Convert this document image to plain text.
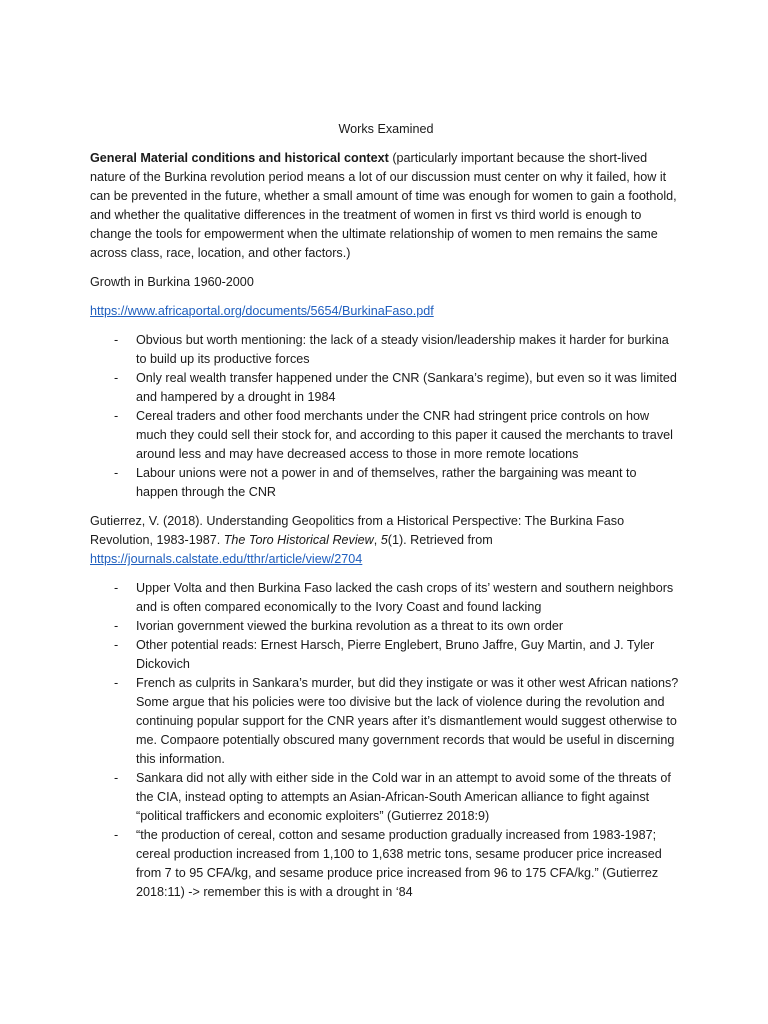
Works Examined

General Material conditions and historical context (particularly important because the short-lived nature of the Burkina revolution period means a lot of our discussion must center on why it failed, how it can be prevented in the future, whether a small amount of time was enough for women to gain a foothold, and whether the qualitative differences in the treatment of women in first vs third world is enough to change the tools for empowerment when the ultimate relationship of women to men remains the same across class, race, location, and other factors.)

Growth in Burkina 1960-2000

https://www.africaportal.org/documents/5654/BurkinaFaso.pdf

- Obvious but worth mentioning: the lack of a steady vision/leadership makes it harder for burkina to build up its productive forces
- Only real wealth transfer happened under the CNR (Sankara’s regime), but even so it was limited and hampered by a drought in 1984
- Cereal traders and other food merchants under the CNR had stringent price controls on how much they could sell their stock for, and according to this paper it caused the merchants to travel around less and may have decreased access to those in more remote locations
- Labour unions were not a power in and of themselves, rather the bargaining was meant to happen through the CNR

Gutierrez, V. (2018). Understanding Geopolitics from a Historical Perspective: The Burkina Faso Revolution, 1983-1987. The Toro Historical Review, 5(1). Retrieved from https://journals.calstate.edu/tthr/article/view/2704

- Upper Volta and then Burkina Faso lacked the cash crops of its’ western and southern neighbors and is often compared economically to the Ivory Coast and found lacking
- Ivorian government viewed the burkina revolution as a threat to its own order
- Other potential reads: Ernest Harsch, Pierre Englebert, Bruno Jaffre, Guy Martin, and J. Tyler Dickovich
- French as culprits in Sankara’s murder, but did they instigate or was it other west African nations? Some argue that his policies were too divisive but the lack of violence during the revolution and continuing popular support for the CNR years after it’s dismantlement would suggest otherwise to me. Compaore potentially obscured many government records that would be useful in discerning this information.
- Sankara did not ally with either side in the Cold war in an attempt to avoid some of the threats of the CIA, instead opting to attempts an Asian-African-South American alliance to fight against “political traffickers and economic exploiters” (Gutierrez 2018:9)
- “the production of cereal, cotton and sesame production gradually increased from 1983-1987; cereal production increased from 1,100 to 1,638 metric tons, sesame producer price increased from 7 to 95 CFA/kg, and sesame produce price increased from 96 to 175 CFA/kg.” (Gutierrez 2018:11) -> remember this is with a drought in ‘84
